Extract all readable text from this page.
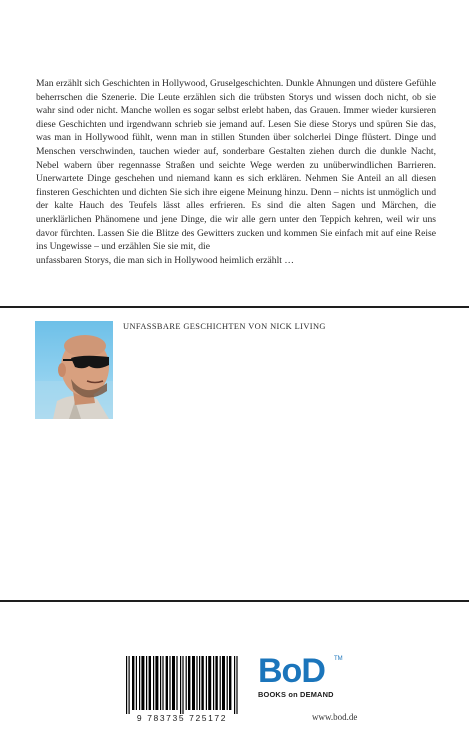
Man erzählt sich Geschichten in Hollywood, Gruselgeschichten. Dunkle Ahnungen und düstere Gefühle beherrschen die Szenerie. Die Leute erzählen sich die trübsten Storys und wissen doch nicht, ob sie wahr sind oder nicht. Manche wollen es sogar selbst erlebt haben, das Grauen. Immer wieder kursieren diese Geschichten und irgendwann schrieb sie jemand auf. Lesen Sie diese Storys und spüren Sie das, was man in Hollywood fühlt, wenn man in stillen Stunden über solcherlei Dinge flüstert. Dinge und Menschen verschwinden, tauchen wieder auf, sonderbare Gestalten ziehen durch die dunkle Nacht, Nebel wabern über regennasse Straßen und seichte Wege werden zu unüberwindlichen Barrieren. Unerwartete Dinge geschehen und niemand kann es sich erklären. Nehmen Sie Anteil an all diesen finsteren Geschichten und dichten Sie sich ihre eigene Meinung hinzu. Denn – nichts ist unmöglich und der kalte Hauch des Teufels lässt alles erfrieren. Es sind die alten Sagen und Märchen, die unerklärlichen Phänomene und jene Dinge, die wir alle gern unter den Teppich kehren, weil wir uns davor fürchten. Lassen Sie die Blitze des Gewitters zucken und kommen Sie einfach mit auf eine Reise ins Ungewisse – und erzählen Sie sie mit, die

unfassbaren Storys, die man sich in Hollywood heimlich erzählt …

UNFASSBARE GESCHICHTEN VON NICK LIVING
9 783735 725172
BoD TM
BOOKS on DEMAND
www.bod.de
